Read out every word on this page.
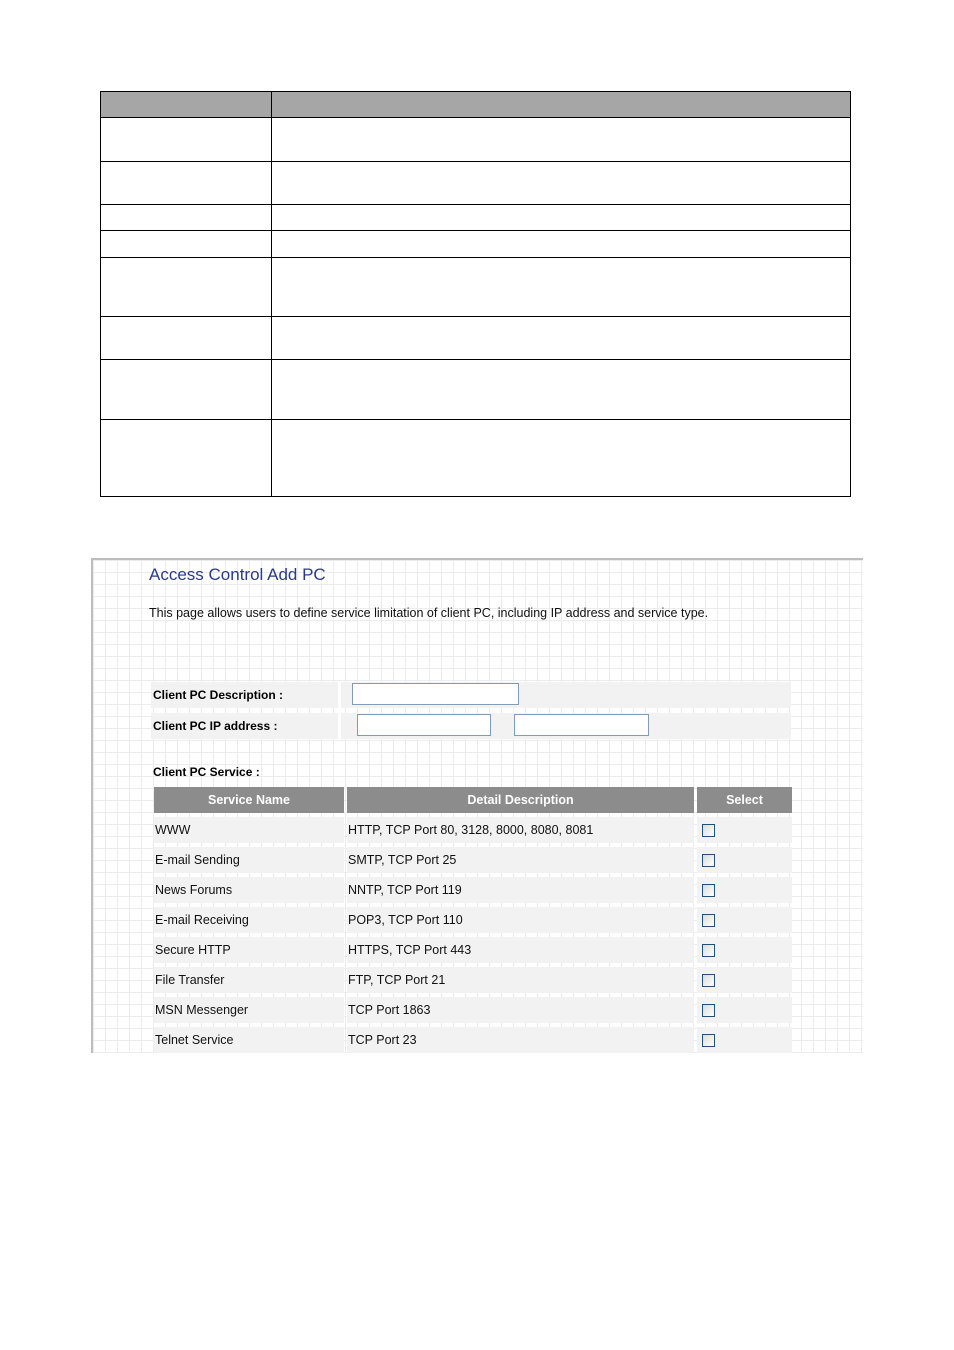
Access Control Add PC
This page allows users to define service limitation of client PC, including IP address and service type.
Client PC Description :
Client PC IP address :
Client PC Service :
Service Name	Detail Description	Select
WWW	HTTP, TCP Port 80, 3128, 8000, 8080, 8081	
E-mail Sending	SMTP, TCP Port 25	
News Forums	NNTP, TCP Port 119	
E-mail Receiving	POP3, TCP Port 110	
Secure HTTP	HTTPS, TCP Port 443	
File Transfer	FTP, TCP Port 21	
MSN Messenger	TCP Port 1863	
Telnet Service	TCP Port 23	
